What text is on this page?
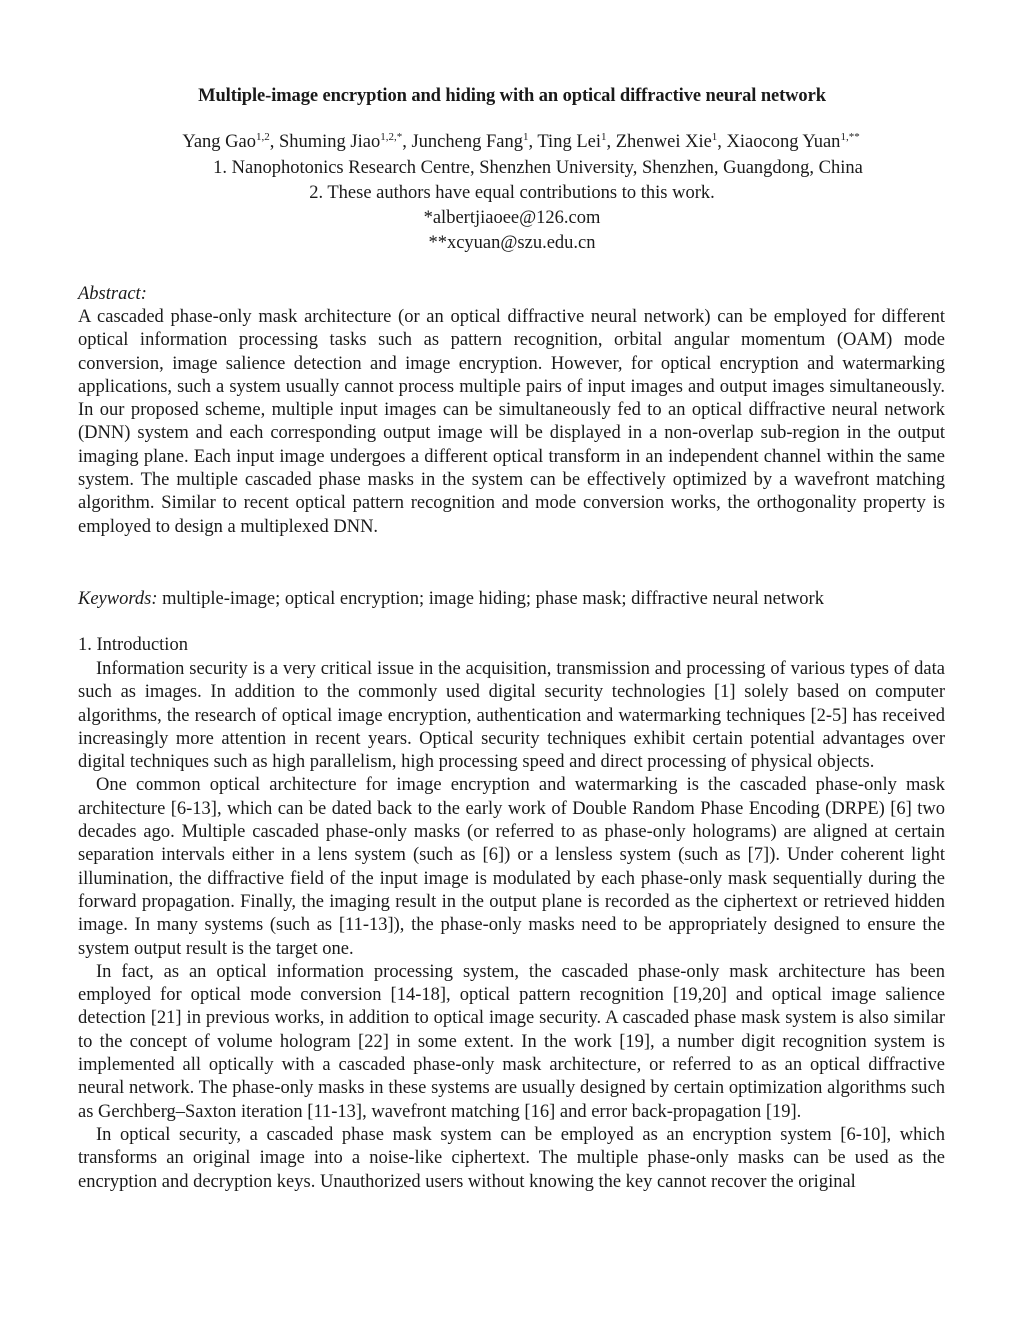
Multiple-image encryption and hiding with an optical diffractive neural network
Yang Gao$^{1,2}$, Shuming Jiao$^{1,2,*}$, Juncheng Fang$^1$, Ting Lei$^1$, Zhenwei Xie$^1$, Xiaocong Yuan$^{1,**}$
1. Nanophotonics Research Centre, Shenzhen University, Shenzhen, Guangdong, China
2. These authors have equal contributions to this work.
*albertjiaoee@126.com
**xcyuan@szu.edu.cn
Abstract:
A cascaded phase-only mask architecture (or an optical diffractive neural network) can be employed for different optical information processing tasks such as pattern recognition, orbital angular momentum (OAM) mode conversion, image salience detection and image encryption. However, for optical encryption and watermarking applications, such a system usually cannot process multiple pairs of input images and output images simultaneously. In our proposed scheme, multiple input images can be simultaneously fed to an optical diffractive neural network (DNN) system and each corresponding output image will be displayed in a non-overlap sub-region in the output imaging plane. Each input image undergoes a different optical transform in an independent channel within the same system. The multiple cascaded phase masks in the system can be effectively optimized by a wavefront matching algorithm. Similar to recent optical pattern recognition and mode conversion works, the orthogonality property is employed to design a multiplexed DNN.
Keywords: multiple-image; optical encryption; image hiding; phase mask; diffractive neural network
1. Introduction

Information security is a very critical issue in the acquisition, transmission and processing of various types of data such as images. In addition to the commonly used digital security technologies [1] solely based on computer algorithms, the research of optical image encryption, authentication and watermarking techniques [2-5] has received increasingly more attention in recent years. Optical security techniques exhibit certain potential advantages over digital techniques such as high parallelism, high processing speed and direct processing of physical objects.

One common optical architecture for image encryption and watermarking is the cascaded phase-only mask architecture [6-13], which can be dated back to the early work of Double Random Phase Encoding (DRPE) [6] two decades ago. Multiple cascaded phase-only masks (or referred to as phase-only holograms) are aligned at certain separation intervals either in a lens system (such as [6]) or a lensless system (such as [7]). Under coherent light illumination, the diffractive field of the input image is modulated by each phase-only mask sequentially during the forward propagation. Finally, the imaging result in the output plane is recorded as the ciphertext or retrieved hidden image. In many systems (such as [11-13]), the phase-only masks need to be appropriately designed to ensure the system output result is the target one.

In fact, as an optical information processing system, the cascaded phase-only mask architecture has been employed for optical mode conversion [14-18], optical pattern recognition [19,20] and optical image salience detection [21] in previous works, in addition to optical image security. A cascaded phase mask system is also similar to the concept of volume hologram [22] in some extent. In the work [19], a number digit recognition system is implemented all optically with a cascaded phase-only mask architecture, or referred to as an optical diffractive neural network. The phase-only masks in these systems are usually designed by certain optimization algorithms such as Gerchberg–Saxton iteration [11-13], wavefront matching [16] and error back-propagation [19].

In optical security, a cascaded phase mask system can be employed as an encryption system [6-10], which transforms an original image into a noise-like ciphertext. The multiple phase-only masks can be used as the encryption and decryption keys. Unauthorized users without knowing the key cannot recover the original
